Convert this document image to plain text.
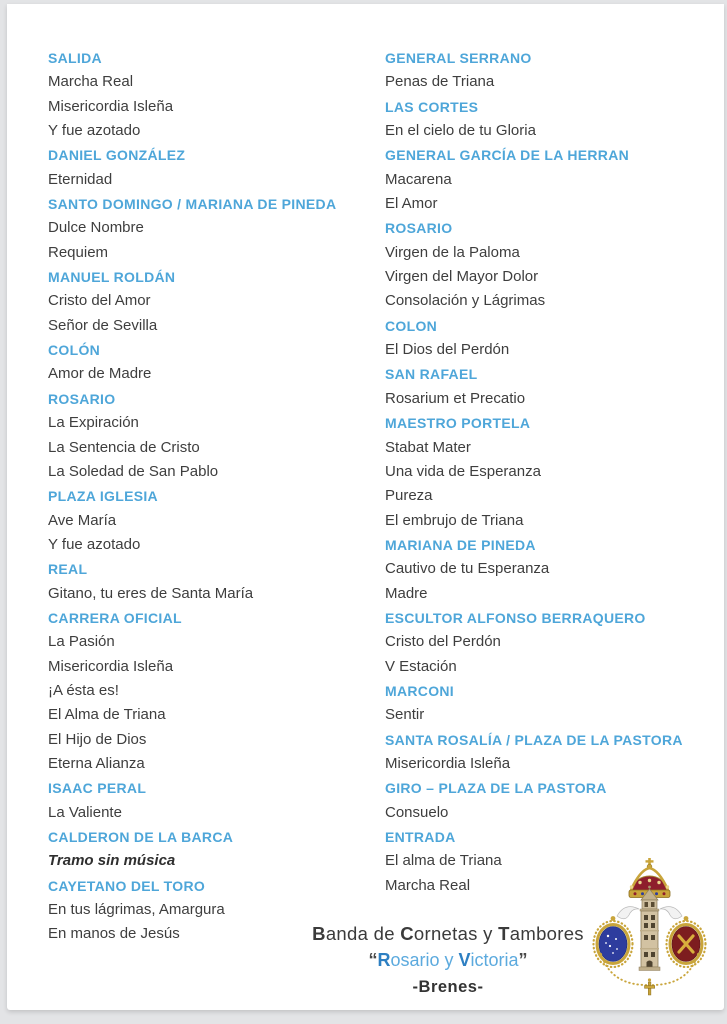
SALIDA
Marcha Real
Misericordia Isleña
Y fue azotado
DANIEL GONZÁLEZ
Eternidad
SANTO DOMINGO / MARIANA DE PINEDA
Dulce Nombre
Requiem
MANUEL ROLDÁN
Cristo del Amor
Señor de Sevilla
COLÓN
Amor de Madre
ROSARIO
La Expiración
La Sentencia de Cristo
La Soledad de San Pablo
PLAZA IGLESIA
Ave María
Y fue azotado
REAL
Gitano, tu eres de Santa María
CARRERA OFICIAL
La Pasión
Misericordia Isleña
¡A ésta es!
El Alma de Triana
El Hijo de Dios
Eterna Alianza
ISAAC PERAL
La Valiente
CALDERON DE LA BARCA
Tramo sin música
CAYETANO DEL TORO
En tus lágrimas, Amargura
En manos de Jesús
GENERAL SERRANO
Penas de Triana
LAS CORTES
En el cielo de tu Gloria
GENERAL GARCÍA DE LA HERRAN
Macarena
El Amor
ROSARIO
Virgen de la Paloma
Virgen del Mayor Dolor
Consolación y Lágrimas
COLON
El Dios del Perdón
SAN RAFAEL
Rosarium et Precatio
MAESTRO PORTELA
Stabat Mater
Una vida de Esperanza
Pureza
El embrujo de Triana
MARIANA DE PINEDA
Cautivo de tu Esperanza
Madre
ESCULTOR ALFONSO BERRAQUERO
Cristo del Perdón
V Estación
MARCONI
Sentir
SANTA ROSALÍA / PLAZA DE LA PASTORA
Misericordia Isleña
GIRO – PLAZA DE LA PASTORA
Consuelo
ENTRADA
El alma de Triana
Marcha Real
Banda de Cornetas y Tambores
“Rosario y Victoria”
-Brenes-
